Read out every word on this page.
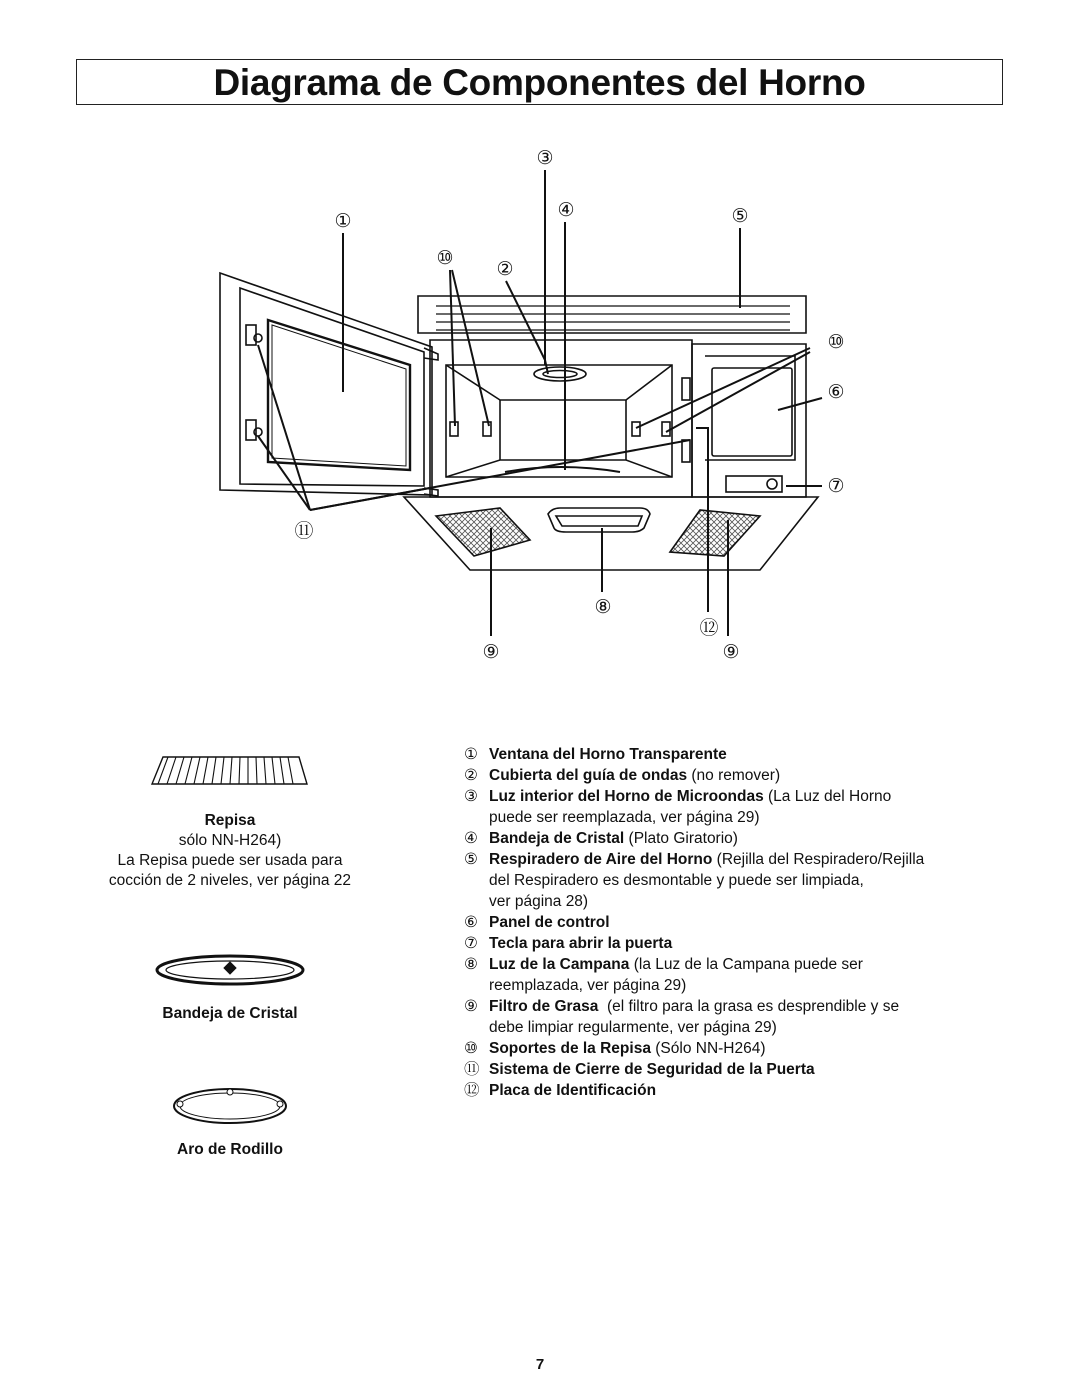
Diagrama de Componentes del Horno
①
③
④	⑤
⑩ ②
⑩
⑥
⑦
⑪
⑧
⑫
⑨	⑨
Repisa
sólo NN-H264)
La Repisa puede ser usada para
cocción de 2 niveles, ver página 22
Bandeja de Cristal
Aro de Rodillo
① Ventana del Horno Transparente
② Cubierta del guía de ondas (no remover)
③ Luz interior del Horno de Microondas (La Luz del Horno
puede ser reemplazada, ver página 29)
④ Bandeja de Cristal (Plato Giratorio)
⑤ Respiradero de Aire del Horno (Rejilla del Respiradero/Rejilla
del Respiradero es desmontable y puede ser limpiada,
ver página 28)
⑥ Panel de control
⑦ Tecla para abrir la puerta
⑧ Luz de la Campana (la Luz de la Campana puede ser
reemplazada, ver página 29)
⑨ Filtro de Grasa  (el filtro para la grasa es desprendible y se
debe limpiar regularmente, ver página 29)
⑩ Soportes de la Repisa (Sólo NN-H264)
⑪ Sistema de Cierre de Seguridad de la Puerta
⑫ Placa de Identificación
7
